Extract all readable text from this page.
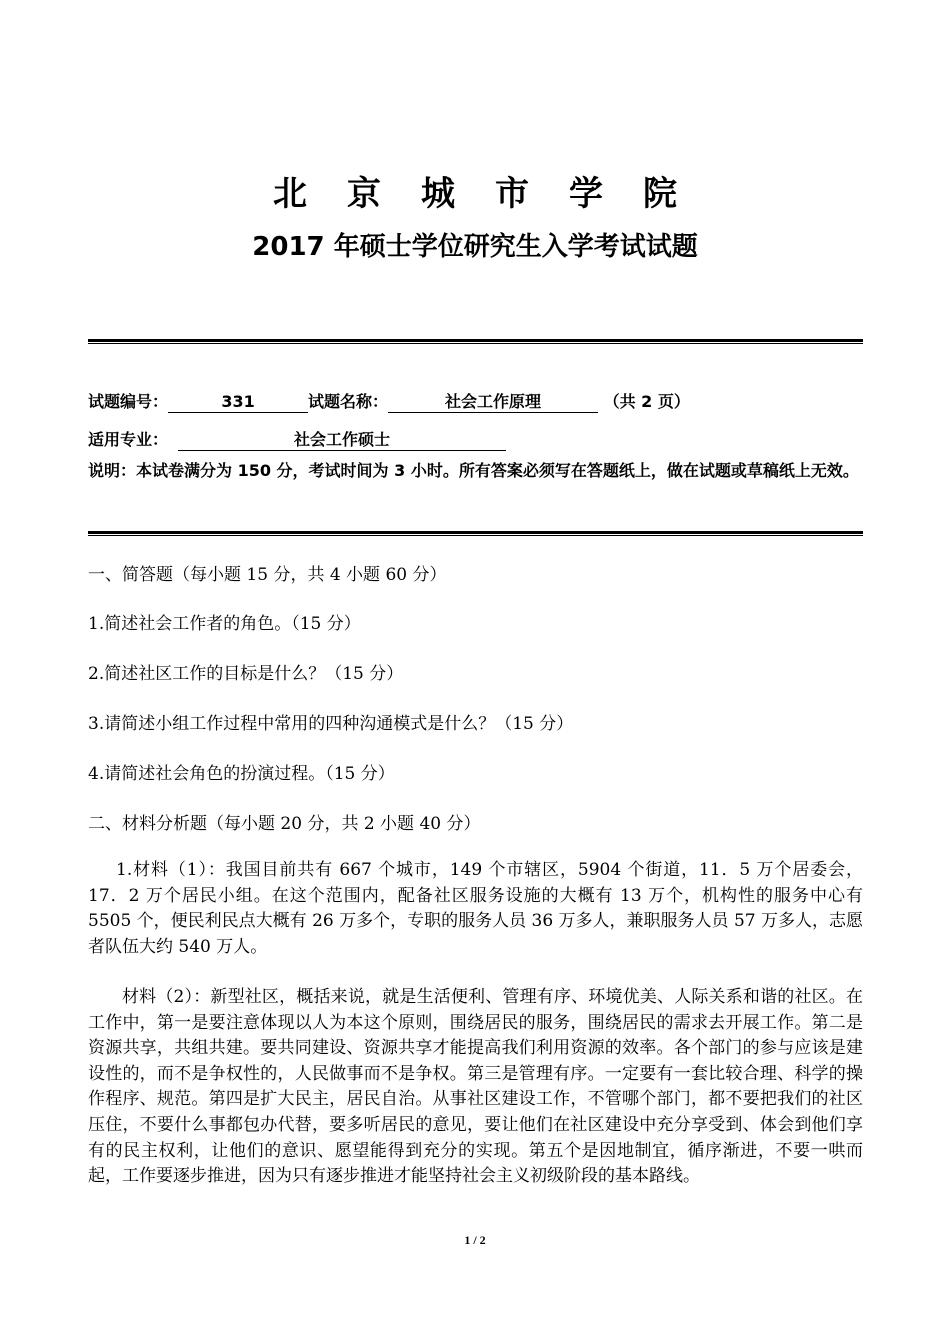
北京城市学院
2017 年硕士学位研究生入学考试试题
试题编号：	331	试题名称：	社会工作原理	（共 2 页）
适用专业：	社会工作硕士
说明：本试卷满分为 150 分，考试时间为 3 小时。所有答案必须写在答题纸上，做在试题或草稿纸上无效。
一、简答题（每小题 15 分，共 4 小题 60 分）
1.简述社会工作者的角色。（15 分）
2.简述社区工作的目标是什么？（15 分）
3.请简述小组工作过程中常用的四种沟通模式是什么？（15 分）
4.请简述社会角色的扮演过程。（15 分）
二、材料分析题（每小题 20 分，共 2 小题 40 分）
1.材料（1）：我国目前共有 667 个城市，149 个市辖区，5904 个街道，11．5 万个居委会，17．2 万个居民小组。在这个范围内，配备社区服务设施的大概有 13 万个，机构性的服务中心有 5505 个，便民利民点大概有 26 万多个，专职的服务人员 36 万多人，兼职服务人员 57 万多人，志愿者队伍大约 540 万人。
材料（2）：新型社区，概括来说，就是生活便利、管理有序、环境优美、人际关系和谐的社区。在工作中，第一是要注意体现以人为本这个原则，围绕居民的服务，围绕居民的需求去开展工作。第二是资源共享，共组共建。要共同建设、资源共享才能提高我们利用资源的效率。各个部门的参与应该是建设性的，而不是争权性的，人民做事而不是争权。第三是管理有序。一定要有一套比较合理、科学的操作程序、规范。第四是扩大民主，居民自治。从事社区建设工作，不管哪个部门，都不要把我们的社区压住，不要什么事都包办代替，要多听居民的意见，要让他们在社区建设中充分享受到、体会到他们享有的民主权利，让他们的意识、愿望能得到充分的实现。第五个是因地制宜，循序渐进，不要一哄而起，工作要逐步推进，因为只有逐步推进才能坚持社会主义初级阶段的基本路线。
1 / 2
